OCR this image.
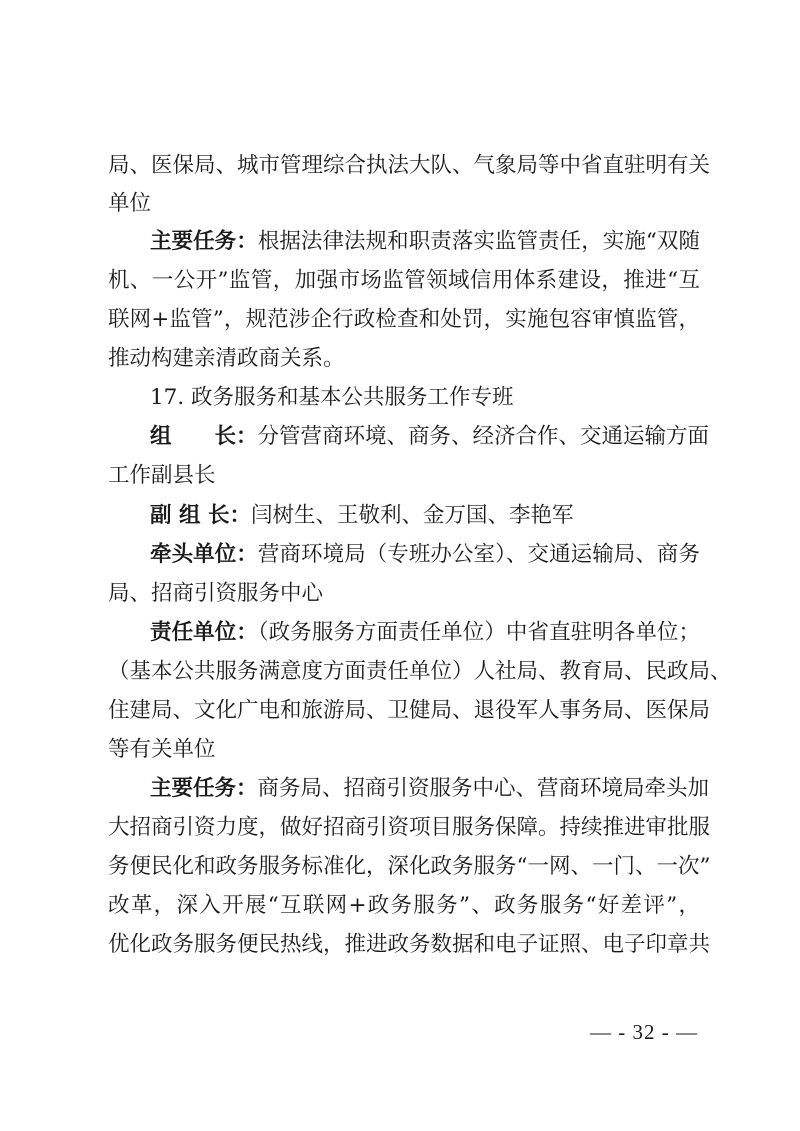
局、医保局、城市管理综合执法大队、气象局等中省直驻明有关
单位
主要任务：根据法律法规和职责落实监管责任，实施“双随
机、一公开”监管，加强市场监管领域信用体系建设，推进“互
联网+监管”，规范涉企行政检查和处罚，实施包容审慎监管，
推动构建亲清政商关系。
17. 政务服务和基本公共服务工作专班
组　　长：分管营商环境、商务、经济合作、交通运输方面
工作副县长
副 组 长：闫树生、王敬利、金万国、李艳军
牵头单位：营商环境局（专班办公室）、交通运输局、商务
局、招商引资服务中心
责任单位：（政务服务方面责任单位）中省直驻明各单位；
（基本公共服务满意度方面责任单位）人社局、教育局、民政局、
住建局、文化广电和旅游局、卫健局、退役军人事务局、医保局
等有关单位
主要任务：商务局、招商引资服务中心、营商环境局牵头加
大招商引资力度，做好招商引资项目服务保障。持续推进审批服
务便民化和政务服务标准化，深化政务服务“一网、一门、一次”
改革，深入开展“互联网+政务服务”、政务服务“好差评”，
优化政务服务便民热线，推进政务数据和电子证照、电子印章共
— - 32 - —
